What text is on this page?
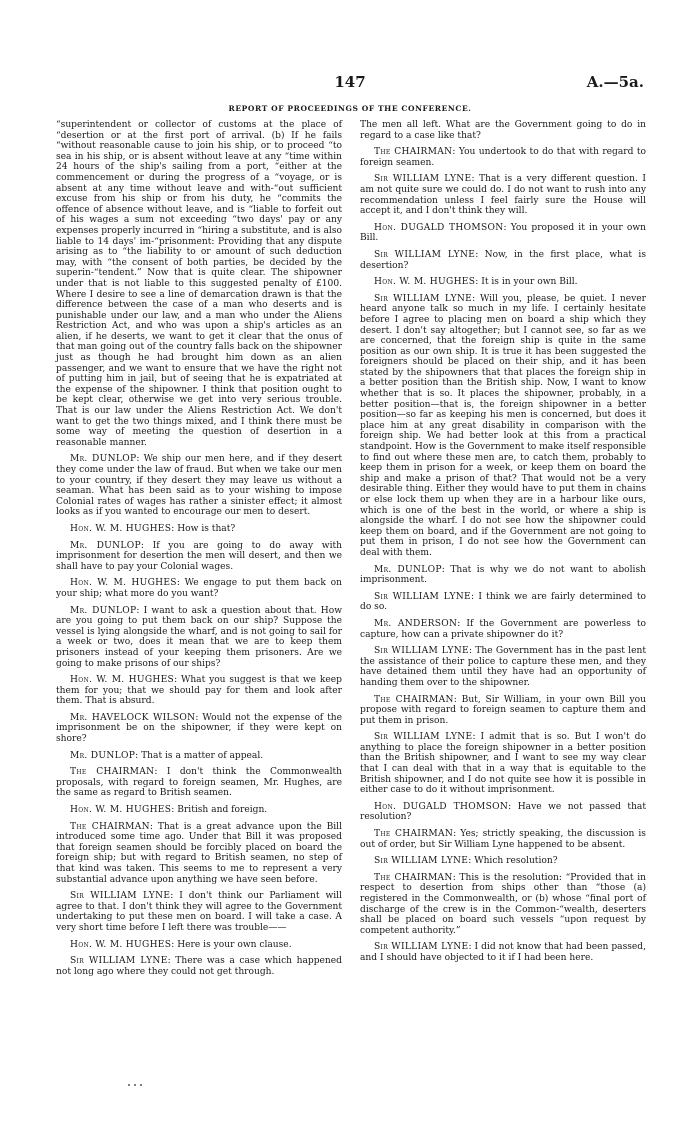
147	A.—5a.
REPORT OF PROCEEDINGS OF THE CONFERENCE.

“superintendent or collector of customs at the place of “desertion or at the first port of arrival. (b) If he fails “without reasonable cause to join his ship, or to proceed “to sea in his ship, or is absent without leave at any “time within 24 hours of the ship's sailing from a port, “either at the commencement or during the progress of a “voyage, or is absent at any time without leave and with-“out sufficient excuse from his ship or from his duty, he “commits the offence of absence without leave, and is “liable to forfeit out of his wages a sum not exceeding “two days' pay or any expenses properly incurred in “hiring a substitute, and is also liable to 14 days' im-“prisonment: Providing that any dispute arising as to “the liability to or amount of such deduction may, with “the consent of both parties, be decided by the superin-“tendent.” Now that is quite clear. The shipowner under that is not liable to this suggested penalty of £100. Where I desire to see a line of demarcation drawn is that the difference between the case of a man who deserts and is punishable under our law, and a man who under the Aliens Restriction Act, and who was upon a ship's articles as an alien, if he deserts, we want to get it clear that the onus of that man going out of the country falls back on the shipowner just as though he had brought him down as an alien passenger, and we want to ensure that we have the right not of putting him in jail, but of seeing that he is expatriated at the expense of the shipowner. I think that position ought to be kept clear, otherwise we get into very serious trouble. That is our law under the Aliens Restriction Act. We don't want to get the two things mixed, and I think there must be some way of meeting the question of desertion in a reasonable manner.

Mr. DUNLOP: We ship our men here, and if they desert they come under the law of fraud. But when we take our men to your country, if they desert they may leave us without a seaman. What has been said as to your wishing to impose Colonial rates of wages has rather a sinister effect; it almost looks as if you wanted to encourage our men to desert.

Hon. W. M. HUGHES: How is that?

Mr. DUNLOP: If you are going to do away with imprisonment for desertion the men will desert, and then we shall have to pay your Colonial wages.

Hon. W. M. HUGHES: We engage to put them back on your ship; what more do you want?

Mr. DUNLOP: I want to ask a question about that. How are you going to put them back on our ship? Suppose the vessel is lying alongside the wharf, and is not going to sail for a week or two, does it mean that we are to keep them prisoners instead of your keeping them prisoners. Are we going to make prisons of our ships?

Hon. W. M. HUGHES: What you suggest is that we keep them for you; that we should pay for them and look after them. That is absurd.

Mr. HAVELOCK WILSON: Would not the expense of the imprisonment be on the shipowner, if they were kept on shore?

Mr. DUNLOP: That is a matter of appeal.

The CHAIRMAN: I don't think the Commonwealth proposals, with regard to foreign seamen, Mr. Hughes, are the same as regard to British seamen.

Hon. W. M. HUGHES: British and foreign.

The CHAIRMAN: That is a great advance upon the Bill introduced some time ago. Under that Bill it was proposed that foreign seamen should be forcibly placed on board the foreign ship; but with regard to British seamen, no step of that kind was taken. This seems to me to represent a very substantial advance upon anything we have seen before.

Sir WILLIAM LYNE: I don't think our Parliament will agree to that. I don't think they will agree to the Government undertaking to put these men on board. I will take a case. A very short time before I left there was trouble——

Hon. W. M. HUGHES: Here is your own clause.

Sir WILLIAM LYNE: There was a case which happened not long ago where they could not get through.

The men all left. What are the Government going to do in regard to a case like that?

The CHAIRMAN: You undertook to do that with regard to foreign seamen.

Sir WILLIAM LYNE: That is a very different question. I am not quite sure we could do. I do not want to rush into any recommendation unless I feel fairly sure the House will accept it, and I don't think they will.

Hon. DUGALD THOMSON: You proposed it in your own Bill.

Sir WILLIAM LYNE: Now, in the first place, what is desertion?

Hon. W. M. HUGHES: It is in your own Bill.

Sir WILLIAM LYNE: Will you, please, be quiet. I never heard anyone talk so much in my life. I certainly hesitate before I agree to placing men on board a ship which they desert. I don't say altogether; but I cannot see, so far as we are concerned, that the foreign ship is quite in the same position as our own ship. It is true it has been suggested the foreigners should be placed on their ship, and it has been stated by the shipowners that that places the foreign ship in a better position than the British ship. Now, I want to know whether that is so. It places the shipowner, probably, in a better position—that is, the foreign shipowner in a better position—so far as keeping his men is concerned, but does it place him at any great disability in comparison with the foreign ship. We had better look at this from a practical standpoint. How is the Government to make itself responsible to find out where these men are, to catch them, probably to keep them in prison for a week, or keep them on board the ship and make a prison of that? That would not be a very desirable thing. Either they would have to put them in chains or else lock them up when they are in a harbour like ours, which is one of the best in the world, or where a ship is alongside the wharf. I do not see how the shipowner could keep them on board, and if the Government are not going to put them in prison, I do not see how the Government can deal with them.

Mr. DUNLOP: That is why we do not want to abolish imprisonment.

Sir WILLIAM LYNE: I think we are fairly determined to do so.

Mr. ANDERSON: If the Government are powerless to capture, how can a private shipowner do it?

Sir WILLIAM LYNE: The Government has in the past lent the assistance of their police to capture these men, and they have detained them until they have had an opportunity of handing them over to the shipowner.

The CHAIRMAN: But, Sir William, in your own Bill you propose with regard to foreign seamen to capture them and put them in prison.

Sir WILLIAM LYNE: I admit that is so. But I won't do anything to place the foreign shipowner in a better position than the British shipowner, and I want to see my way clear that I can deal with that in a way that is equitable to the British shipowner, and I do not quite see how it is possible in either case to do it without imprisonment.

Hon. DUGALD THOMSON: Have we not passed that resolution?

The CHAIRMAN: Yes; strictly speaking, the discussion is out of order, but Sir William Lyne happened to be absent.

Sir WILLIAM LYNE: Which resolution?

The CHAIRMAN: This is the resolution: “Provided that in respect to desertion from ships other than “those (a) registered in the Commonwealth, or (b) whose “final port of discharge of the crew is in the Common-“wealth, deserters shall be placed on board such vessels “upon request by competent authority.”

Sir WILLIAM LYNE: I did not know that had been passed, and I should have objected to it if I had been here.
